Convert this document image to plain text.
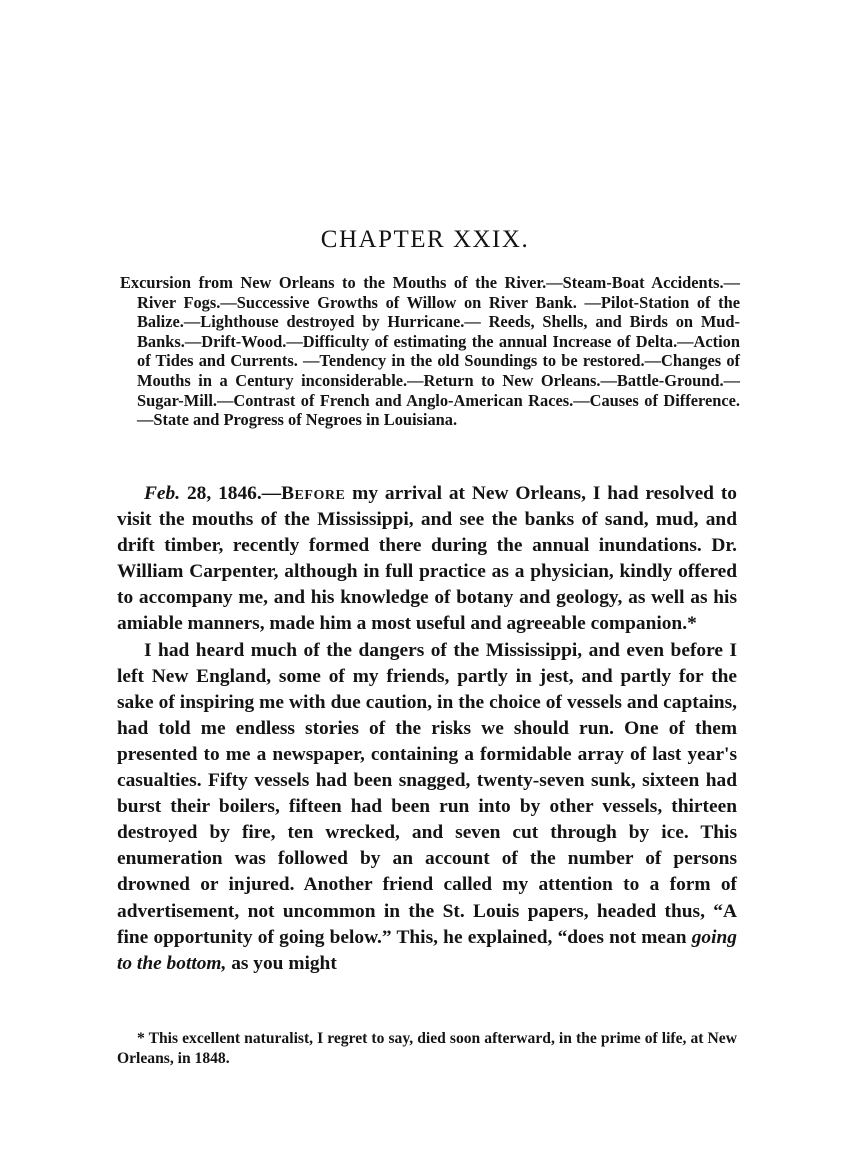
CHAPTER XXIX.

Excursion from New Orleans to the Mouths of the River.—Steam-Boat Accidents.—River Fogs.—Successive Growths of Willow on River Bank. —Pilot-Station of the Balize.—Lighthouse destroyed by Hurricane.— Reeds, Shells, and Birds on Mud-Banks.—Drift-Wood.—Difficulty of estimating the annual Increase of Delta.—Action of Tides and Currents. —Tendency in the old Soundings to be restored.—Changes of Mouths in a Century inconsiderable.—Return to New Orleans.—Battle-Ground.— Sugar-Mill.—Contrast of French and Anglo-American Races.—Causes of Difference.—State and Progress of Negroes in Louisiana.

Feb. 28, 1846.—Before my arrival at New Orleans, I had resolved to visit the mouths of the Mississippi, and see the banks of sand, mud, and drift timber, recently formed there during the annual inundations. Dr. William Carpenter, although in full practice as a physician, kindly offered to accompany me, and his knowledge of botany and geology, as well as his amiable manners, made him a most useful and agreeable companion.*

I had heard much of the dangers of the Mississippi, and even before I left New England, some of my friends, partly in jest, and partly for the sake of inspiring me with due caution, in the choice of vessels and captains, had told me endless stories of the risks we should run. One of them presented to me a newspaper, containing a formidable array of last year's casualties. Fifty vessels had been snagged, twenty-seven sunk, sixteen had burst their boilers, fifteen had been run into by other vessels, thirteen destroyed by fire, ten wrecked, and seven cut through by ice. This enumeration was followed by an account of the number of persons drowned or injured. Another friend called my attention to a form of advertisement, not uncommon in the St. Louis papers, headed thus, “A fine opportunity of going below.” This, he explained, “does not mean going to the bottom, as you might

* This excellent naturalist, I regret to say, died soon afterward, in the prime of life, at New Orleans, in 1848.
